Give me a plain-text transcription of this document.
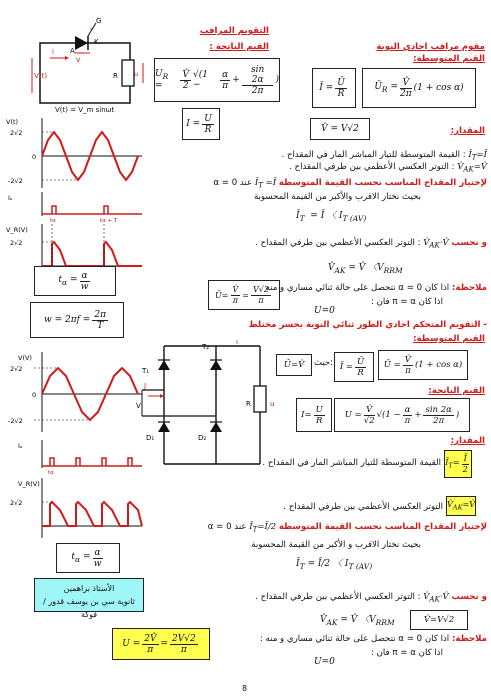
G
I
A
K
i
V
R u
V(t)
V(t) = V_m sinωt
V(t)
2√2
0
-2√2
Iₒ
tα	tα + T
V_R(V)
2√2
$t_\alpha = \frac{\alpha}{w}$
$w = 2\pi f = \frac{2\pi}{T}$
V(V)
2√2
0
-2√2
Iₒ
tα
V_R(V)
2√2
$t_\alpha = \frac{\alpha}{w}$
الأستاذ براهمين
ثانوية سي بن يوسف قدور / فوكة
$U = \frac{2V̂}{\pi} = \frac{2V√2}{\pi}$
التقويم المراقب
القيم الناتجة :
$U_R$ =	$\frac{V̂}{2} √(1$ −	$\frac{\alpha}{\pi} + \frac{\sin 2\alpha}{2\pi}$ )
$I = \frac{U}{R}$
مقوم مراقب احادي النوبة
القيم المتوسطة:
Ī = $\frac{Ū}{R}$	$Ū_R = \frac{V̂}{2\pi} (1 + \cos \alpha)$
V̂ = V√2	المقدار:
$Ī_T=Ī$ : القيمة المتوسطة للتيار المباشر المار في المقداح .
$V̂_{AK}=V̂$ : التوتر العكسي الأعظمي بين طرفي المقداح .
لإختيار المقداح المناسب نحسب القيمة المتوسطة $Ī_T$ =Ī عند α = 0
بحيث نختار الاقرب والأكبر من القيمة المحسوبة
$Ī_T$  = Ī 〈 $I_{T (AV)}$
و نحسب $V̂_{AK}\cdot V̂$ : التوتر العكسي الأعظمي بين طرفي المقداح .
$V̂_{AK}$ = V̂ 〈$V_{RRM}$
Ū= $\frac{V̂}{\pi} = \frac{V√2}{\pi}$	ملاحظة: اذا كان 0 = α نتحصل على حالة ثنائي مساري و منه
اذا كان π = α فان :
U=0
- التقويم المتحكم احادي الطور ثنائي النوبة بجسر مختلط
القيم المتوسطة:
T₁
T₂
D₁	D₂
V	R	u
I
J
Û=V̂ حيث: Ī = $\frac{Ū}{R}$ Ū = $\frac{V̂}{\pi} (1 + \cos \alpha)$
القيم الناتجة:
$I= \frac{U}{R}$ $U = \frac{V̂}{√2} √(1 - \frac{\alpha}{\pi} + \frac{\sin 2\alpha}{2\pi}$ )
المقدار:
القيمة المتوسطة للتيار المباشر المار في المقداح . $Ī_T= \frac{Ī}{2}$
التوتر العكسي الأعظمي بين طرفي المقداح . $V̂_{AK}=V̂$
لإختيار المقداح المناسب نحسب القيمة المتوسطة $Ī_T=Ī/2$ عند α = 0
بحيث نختار الاقرب و الأكبر من القيمة المحسوبة
$Ī_T$ = Ī/2 〈 $I_{T (AV)}$
و نحسب $V̂_{AK}\cdot V̂$ : التوتر العكسي الأعظمي بين طرفي المقداح .
$V̂_{AK}$ = V̂ 〈$V_{RRM}$	V̂=V√2
ملاحظة: اذا كان 0 = α نتحصل على حالة ثنائي مساري و منه :
اذا كان π = α فان :
U=0
8
